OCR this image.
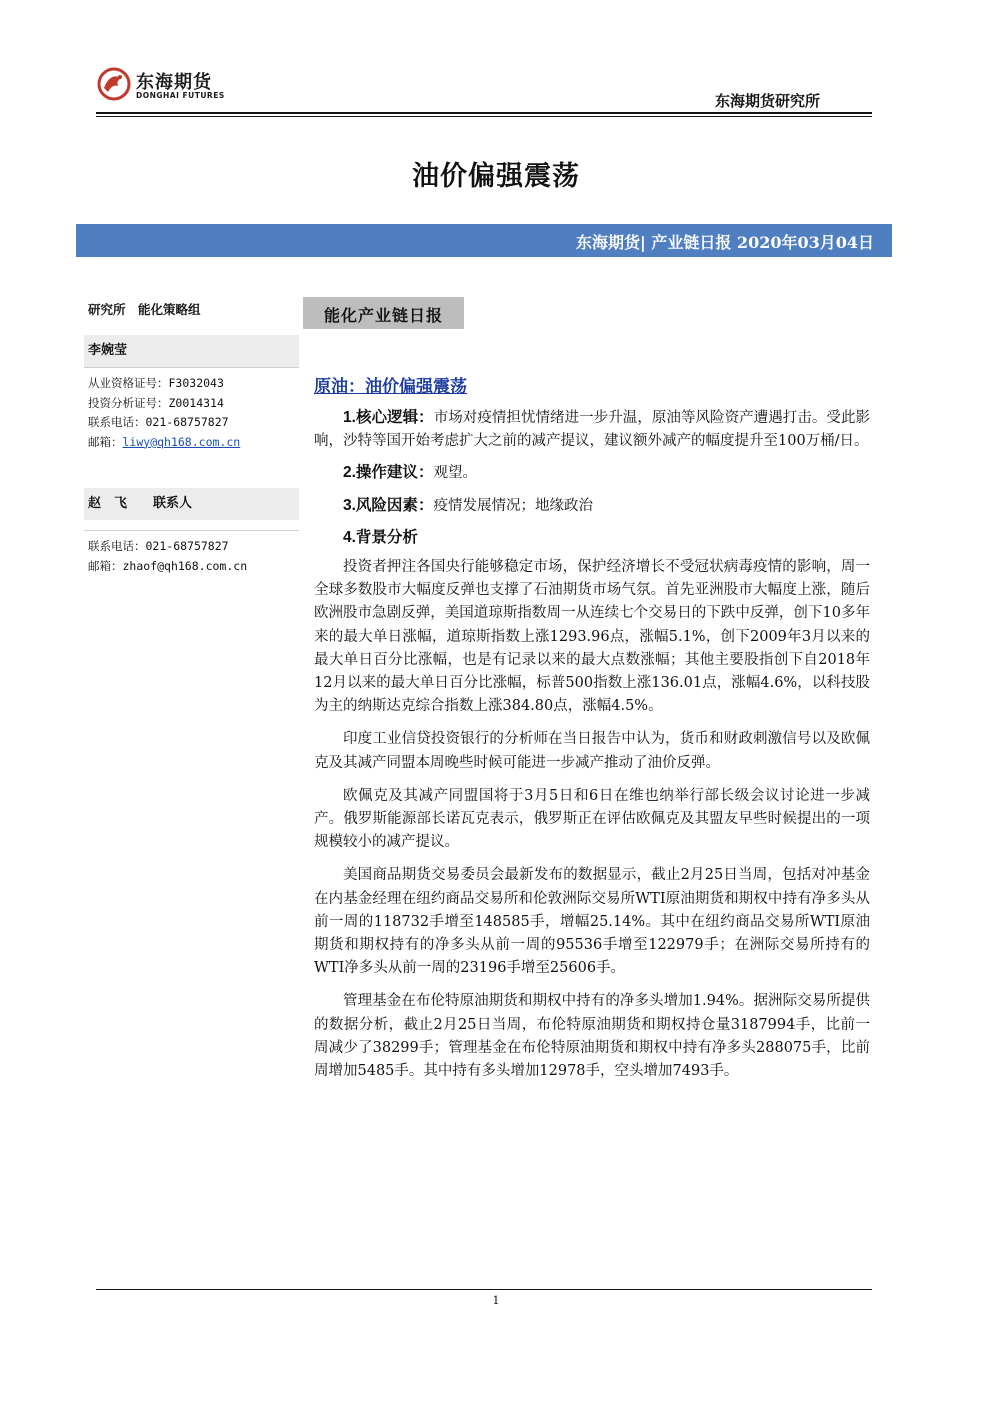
东海期货
DONGHAI FUTURES	东海期货研究所
油价偏强震荡
东海期货| 产业链日报 2020年03月04日
研究所　能化策略组
李婉莹
从业资格证号：F3032043
投资分析证号：Z0014314
联系电话：021-68757827
邮箱：liwy@qh168.com.cn
赵　飞　　联系人
联系电话：021-68757827
邮箱：zhaof@qh168.com.cn
能化产业链日报
原油：油价偏强震荡

1.核心逻辑：市场对疫情担忧情绪进一步升温，原油等风险资产遭遇打击。受此影响，沙特等国开始考虑扩大之前的减产提议，建议额外减产的幅度提升至100万桶/日。

2.操作建议：观望。

3.风险因素：疫情发展情况；地缘政治

4.背景分析

投资者押注各国央行能够稳定市场，保护经济增长不受冠状病毒疫情的影响，周一全球多数股市大幅度反弹也支撑了石油期货市场气氛。首先亚洲股市大幅度上涨，随后欧洲股市急剧反弹，美国道琼斯指数周一从连续七个交易日的下跌中反弹，创下10多年来的最大单日涨幅，道琼斯指数上涨1293.96点，涨幅5.1%，创下2009年3月以来的最大单日百分比涨幅，也是有记录以来的最大点数涨幅；其他主要股指创下自2018年12月以来的最大单日百分比涨幅，标普500指数上涨136.01点，涨幅4.6%，以科技股为主的纳斯达克综合指数上涨384.80点，涨幅4.5%。

印度工业信贷投资银行的分析师在当日报告中认为，货币和财政刺激信号以及欧佩克及其减产同盟本周晚些时候可能进一步减产推动了油价反弹。

欧佩克及其减产同盟国将于3月5日和6日在维也纳举行部长级会议讨论进一步减产。俄罗斯能源部长诺瓦克表示，俄罗斯正在评估欧佩克及其盟友早些时候提出的一项规模较小的减产提议。

美国商品期货交易委员会最新发布的数据显示，截止2月25日当周，包括对冲基金在内基金经理在纽约商品交易所和伦敦洲际交易所WTI原油期货和期权中持有净多头从前一周的118732手增至148585手，增幅25.14%。其中在纽约商品交易所WTI原油期货和期权持有的净多头从前一周的95536手增至122979手；在洲际交易所持有的WTI净多头从前一周的23196手增至25606手。

管理基金在布伦特原油期货和期权中持有的净多头增加1.94%。据洲际交易所提供的数据分析，截止2月25日当周，布伦特原油期货和期权持仓量3187994手，比前一周减少了38299手；管理基金在布伦特原油期货和期权中持有净多头288075手，比前周增加5485手。其中持有多头增加12978手，空头增加7493手。

1
